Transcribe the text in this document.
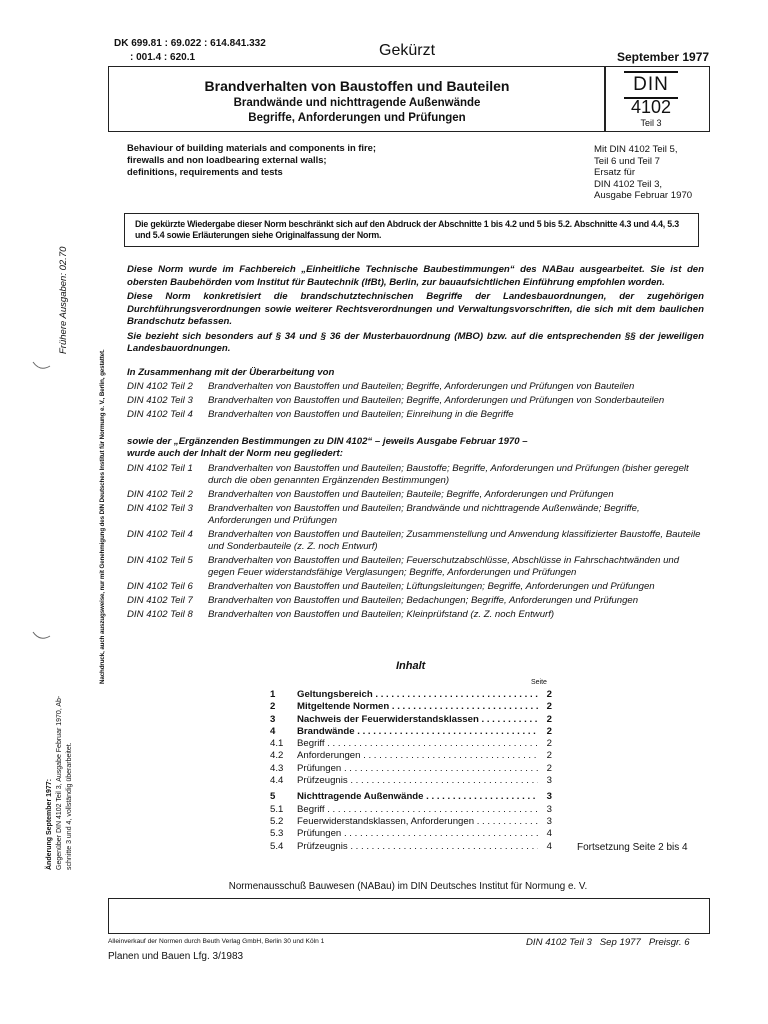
DK 699.81 : 69.022 : 614.841.332
: 001.4 : 620.1	Gekürzt	September 1977
Brandverhalten von Baustoffen und Bauteilen
Brandwände und nichttragende Außenwände
Begriffe, Anforderungen und Prüfungen
DIN
4102
Teil 3
Behaviour of building materials and components in fire;
firewalls and non loadbearing external walls;
definitions, requirements and tests
Mit DIN 4102 Teil 5,
Teil 6 und Teil 7
Ersatz für
DIN 4102 Teil 3,
Ausgabe Februar 1970
Die gekürzte Wiedergabe dieser Norm beschränkt sich auf den Abdruck der Abschnitte 1 bis 4.2 und 5 bis 5.2. Abschnitte 4.3 und 4.4, 5.3 und 5.4 sowie Erläuterungen siehe Originalfassung der Norm.

Diese Norm wurde im Fachbereich „Einheitliche Technische Baubestimmungen“ des NABau ausgearbeitet. Sie ist den obersten Baubehörden vom Institut für Bautechnik (IfBt), Berlin, zur bauaufsichtlichen Einführung empfohlen worden.

Diese Norm konkretisiert die brandschutztechnischen Begriffe der Landesbauordnungen, der zugehörigen Durchführungsverordnungen sowie weiterer Rechtsverordnungen und Verwaltungsvorschriften, die sich mit dem baulichen Brandschutz befassen.

Sie bezieht sich besonders auf § 34 und § 36 der Musterbauordnung (MBO) bzw. auf die entsprechenden §§ der jeweiligen Landesbauordnungen.

In Zusammenhang mit der Überarbeitung von
DIN 4102 Teil 2	Brandverhalten von Baustoffen und Bauteilen; Begriffe, Anforderungen und Prüfungen von Bauteilen
DIN 4102 Teil 3	Brandverhalten von Baustoffen und Bauteilen; Begriffe, Anforderungen und Prüfungen von Sonderbauteilen
DIN 4102 Teil 4	Brandverhalten von Baustoffen und Bauteilen; Einreihung in die Begriffe
sowie der „Ergänzenden Bestimmungen zu DIN 4102“ – jeweils Ausgabe Februar 1970 –
wurde auch der Inhalt der Norm neu gegliedert:
DIN 4102 Teil 1	Brandverhalten von Baustoffen und Bauteilen; Baustoffe; Begriffe, Anforderungen und Prüfungen (bisher geregelt durch die oben genannten Ergänzenden Bestimmungen)
DIN 4102 Teil 2	Brandverhalten von Baustoffen und Bauteilen; Bauteile; Begriffe, Anforderungen und Prüfungen
DIN 4102 Teil 3	Brandverhalten von Baustoffen und Bauteilen; Brandwände und nichttragende Außenwände; Begriffe, Anforderungen und Prüfungen
DIN 4102 Teil 4	Brandverhalten von Baustoffen und Bauteilen; Zusammenstellung und Anwendung klassifizierter Baustoffe, Bauteile und Sonderbauteile (z. Z. noch Entwurf)
DIN 4102 Teil 5	Brandverhalten von Baustoffen und Bauteilen; Feuerschutzabschlüsse, Abschlüsse in Fahrschachtwänden und gegen Feuer widerstandsfähige Verglasungen; Begriffe, Anforderungen und Prüfungen
DIN 4102 Teil 6	Brandverhalten von Baustoffen und Bauteilen; Lüftungsleitungen; Begriffe, Anforderungen und Prüfungen
DIN 4102 Teil 7	Brandverhalten von Baustoffen und Bauteilen; Bedachungen; Begriffe, Anforderungen und Prüfungen
DIN 4102 Teil 8	Brandverhalten von Baustoffen und Bauteilen; Kleinprüfstand (z. Z. noch Entwurf)
Inhalt
Seite
1	Geltungsbereich . . .	2
2	Mitgeltende Normen . . .	2
3	Nachweis der Feuerwiderstandsklassen . . .	2
4	Brandwände . . .	2
4.1	Begriff . . .	2
4.2	Anforderungen . . .	2
4.3	Prüfungen . . .	2
4.4	Prüfzeugnis . . .	3
5	Nichttragende Außenwände . . .	3
5.1	Begriff . . .	3
5.2	Feuerwiderstandsklassen, Anforderungen . . .	3
5.3	Prüfungen . . .	4
5.4	Prüfzeugnis . . .	4	Fortsetzung Seite 2 bis 4
Normenausschuß Bauwesen (NABau) im DIN Deutsches Institut für Normung e. V.
Alleinverkauf der Normen durch Beuth Verlag GmbH, Berlin 30 und Köln 1	DIN 4102 Teil 3   Sep 1977   Preisgr. 6
Planen und Bauen Lfg. 3/1983
Frühere Ausgaben: 02.70
Nachdruck, auch auszugsweise, nur mit Genehmigung des DIN Deutsches Institut für Normung e. V., Berlin, gestattet.
Änderung September 1977: Gegenüber DIN 4102 Teil 3, Ausgabe Februar 1970, Ab- schnitte 3 und 4, vollständig überarbeitet.
